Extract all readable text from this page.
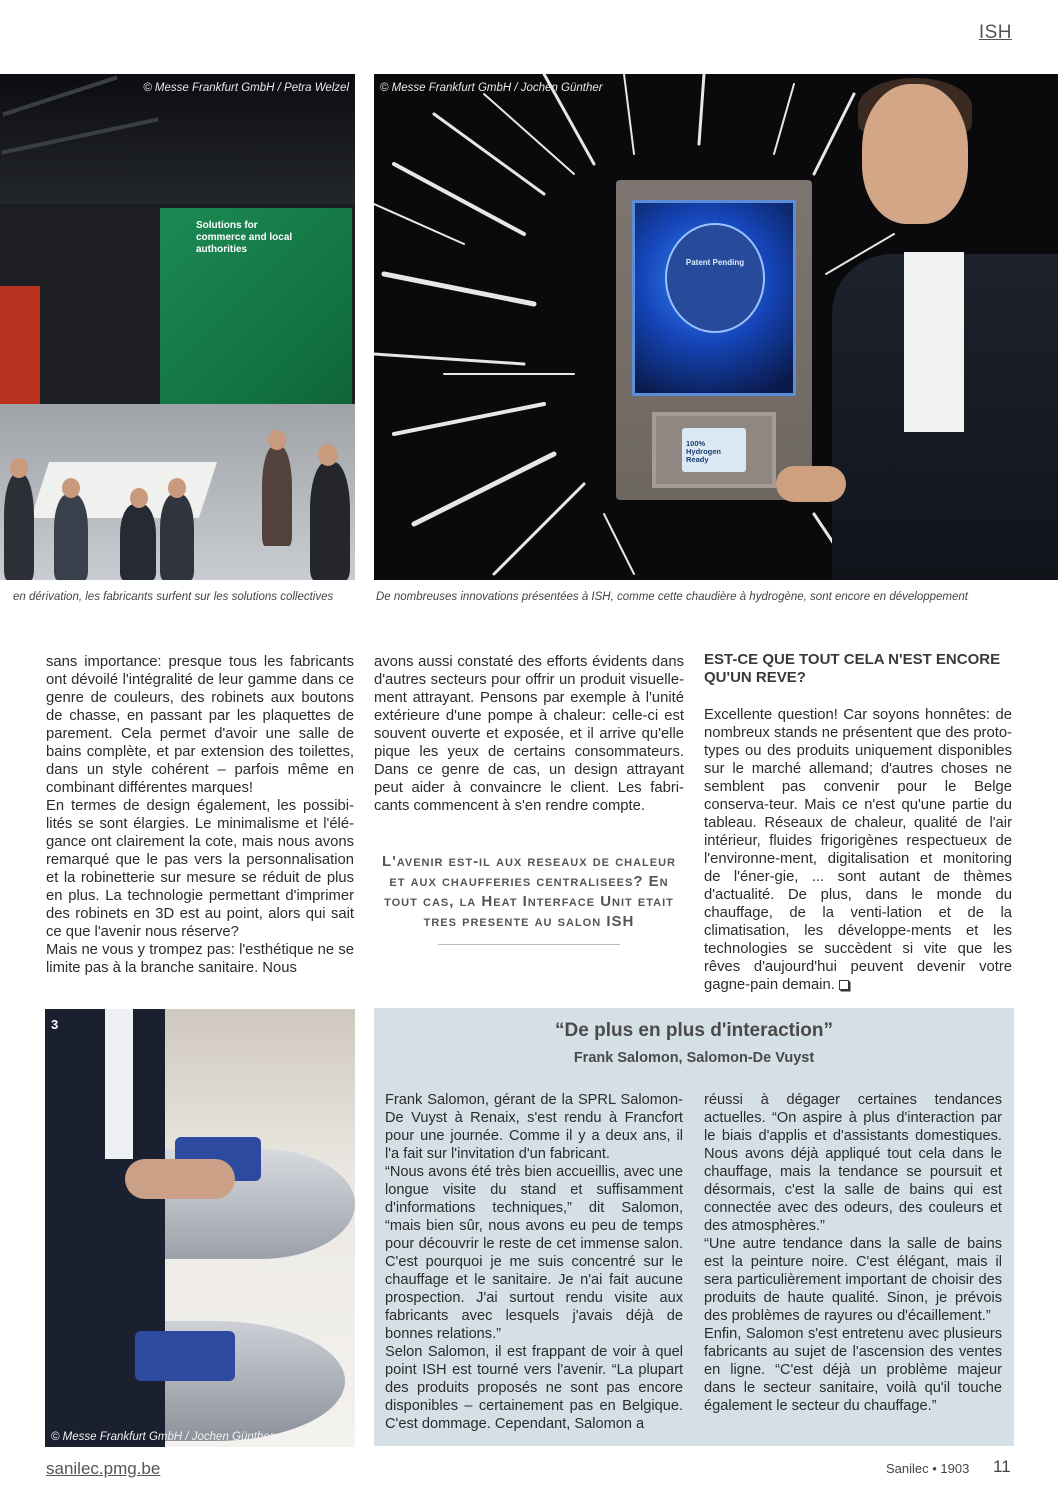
ISH
Solutions for commerce and local authorities
© Messe Frankfurt GmbH / Petra Welzel
en dérivation, les fabricants surfent sur les solutions collectives
Patent Pending
100% Hydrogen Ready
© Messe Frankfurt GmbH / Jochen Günther
De nombreuses innovations présentées à ISH, comme cette chaudière à hydrogène, sont encore en développement

sans importance: presque tous les fabricants ont dévoilé l'intégralité de leur gamme dans ce genre de couleurs, des robinets aux boutons de chasse, en passant par les plaquettes de parement. Cela permet d'avoir une salle de bains complète, et par extension des toilettes, dans un style cohérent – parfois même en combinant différentes marques!

En termes de design également, les possibi-lités se sont élargies. Le minimalisme et l'élé-gance ont clairement la cote, mais nous avons remarqué que le pas vers la personnalisation et la robinetterie sur mesure se réduit de plus en plus. La technologie permettant d'imprimer des robinets en 3D est au point, alors qui sait ce que l'avenir nous réserve?

Mais ne vous y trompez pas: l'esthétique ne se limite pas à la branche sanitaire. Nous

avons aussi constaté des efforts évidents dans d'autres secteurs pour offrir un produit visuelle-ment attrayant. Pensons par exemple à l'unité extérieure d'une pompe à chaleur: celle-ci est souvent ouverte et exposée, et il arrive qu'elle pique les yeux de certains consommateurs. Dans ce genre de cas, un design attrayant peut aider à convaincre le client. Les fabri-cants commencent à s'en rendre compte.

L'avenir est-il aux reseaux de chaleur et aux chaufferies centralisees? En tout cas, la Heat Interface Unit etait tres presente au salon ISH
EST-CE QUE TOUT CELA N'EST ENCORE QU'UN REVE?

Excellente question! Car soyons honnêtes: de nombreux stands ne présentent que des proto-types ou des produits uniquement disponibles sur le marché allemand; d'autres choses ne semblent pas convenir pour le Belge conserva-teur. Mais ce n'est qu'une partie du tableau. Réseaux de chaleur, qualité de l'air intérieur, fluides frigorigènes respectueux de l'environne-ment, digitalisation et monitoring de l'éner-gie, ... sont autant de thèmes d'actualité. De plus, dans le monde du chauffage, de la venti-lation et de la climatisation, les développe-ments et les technologies se succèdent si vite que les rêves d'aujourd'hui peuvent devenir votre gagne-pain demain.

3
© Messe Frankfurt GmbH / Jochen Günther
“De plus en plus d'interaction”
Frank Salomon, Salomon-De Vuyst

Frank Salomon, gérant de la SPRL Salomon-De Vuyst à Renaix, s'est rendu à Francfort pour une journée. Comme il y a deux ans, il l'a fait sur l'invitation d'un fabricant.

“Nous avons été très bien accueillis, avec une longue visite du stand et suffisamment d'informations techniques,” dit Salomon, “mais bien sûr, nous avons eu peu de temps pour découvrir le reste de cet immense salon. C'est pourquoi je me suis concentré sur le chauffage et le sanitaire. Je n'ai fait aucune prospection. J'ai surtout rendu visite aux fabricants avec lesquels j'avais déjà de bonnes relations.”

Selon Salomon, il est frappant de voir à quel point ISH est tourné vers l'avenir. “La plupart des produits proposés ne sont pas encore disponibles – certainement pas en Belgique. C'est dommage. Cependant, Salomon a

réussi à dégager certaines tendances actuelles. “On aspire à plus d'interaction par le biais d'applis et d'assistants domestiques. Nous avons déjà appliqué tout cela dans le chauffage, mais la tendance se poursuit et désormais, c'est la salle de bains qui est connectée avec des odeurs, des couleurs et des atmosphères.”

“Une autre tendance dans la salle de bains est la peinture noire. C'est élégant, mais il sera particulièrement important de choisir des produits de haute qualité. Sinon, je prévois des problèmes de rayures ou d'écaillement.”

Enfin, Salomon s'est entretenu avec plusieurs fabricants au sujet de l'ascension des ventes en ligne. “C'est déjà un problème majeur dans le secteur sanitaire, voilà qu'il touche également le secteur du chauffage.”

sanilec.pmg.be	Sanilec • 1903 11
